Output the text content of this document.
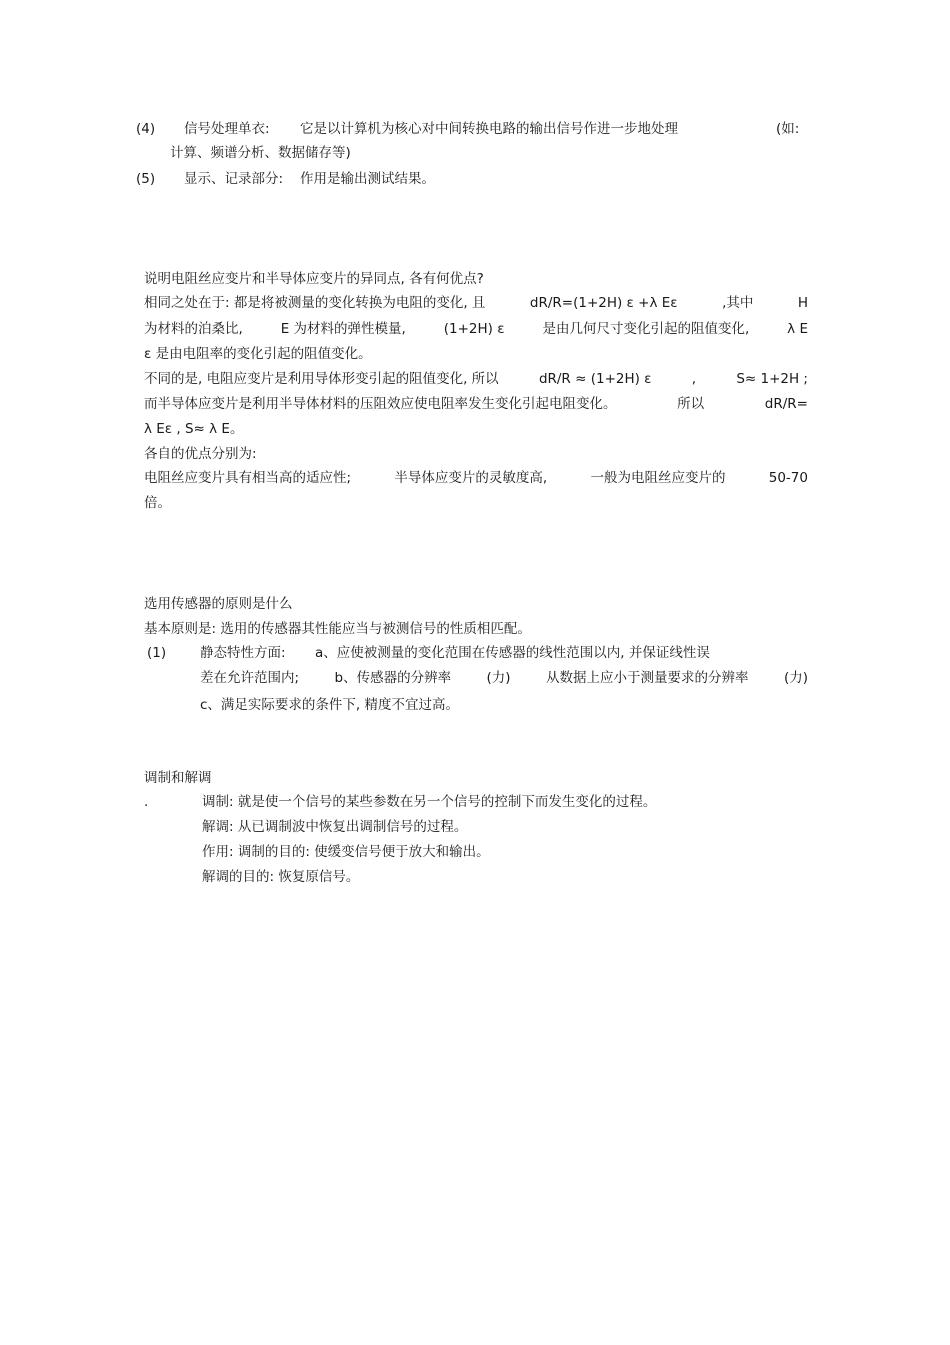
(4) 信号处理单衣: 它是以计算机为核心对中间转换电路的输出信号作进一步地处理	(如:
计算、频谱分析、数据储存等)
(5) 显示、记录部分: 作用是输出测试结果。
说明电阻丝应变片和半导体应变片的异同点, 各有何优点?
相同之处在于: 都是将被测量的变化转换为电阻的变化, 且	dR/R=(1+2H) ε +λ Eε	,其中	H
为材料的泊桑比,	E 为材料的弹性模量,	(1+2H) ε	是由几何尺寸变化引起的阻值变化,	λ E
ε 是由电阻率的变化引起的阻值变化。
不同的是, 电阻应变片是利用导体形变引起的阻值变化, 所以	dR/R ≈ (1+2H) ε	,	S≈ 1+2H ;
而半导体应变片是利用半导体材料的压阻效应使电阻率发生变化引起电阻变化。	所以	dR/R=
λ Eε , S≈ λ E。
各自的优点分别为:
电阻丝应变片具有相当高的适应性;	半导体应变片的灵敏度高,	一般为电阻丝应变片的	50-70
倍。
选用传感器的原则是什么
基本原则是: 选用的传感器其性能应当与被测信号的性质相匹配。
(1)	静态特性方面: a、应使被测量的变化范围在传感器的线性范围以内, 并保证线性误
差在允许范围内;	b、传感器的分辨率	(力)	从数据上应小于测量要求的分辨率	(力)
c、满足实际要求的条件下, 精度不宜过高。
调制和解调
.	调制: 就是使一个信号的某些参数在另一个信号的控制下而发生变化的过程。
解调: 从已调制波中恢复出调制信号的过程。
作用: 调制的目的: 使缓变信号便于放大和输出。
解调的目的: 恢复原信号。
